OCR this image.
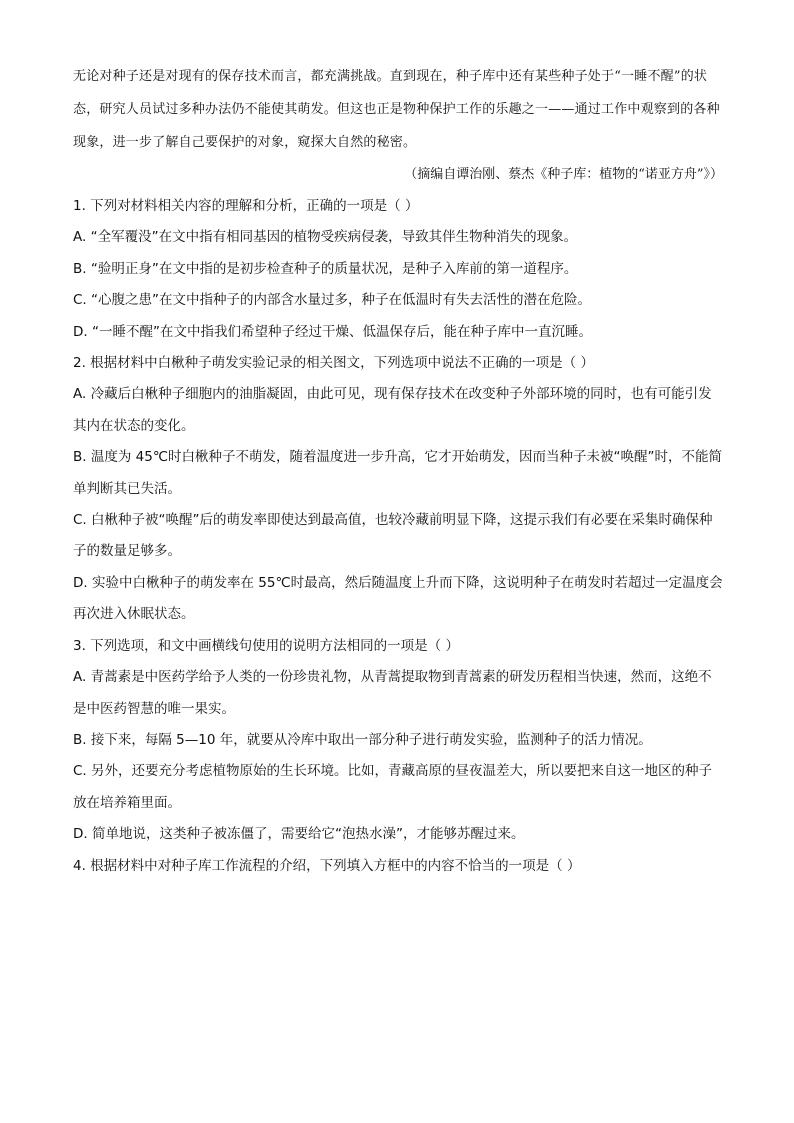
无论对种子还是对现有的保存技术而言，都充满挑战。直到现在，种子库中还有某些种子处于“一睡不醒”的状态，研究人员试过多种办法仍不能使其萌发。但这也正是物种保护工作的乐趣之一——通过工作中观察到的各种现象，进一步了解自己要保护的对象，窥探大自然的秘密。

（摘编自谭治刚、蔡杰《种子库：植物的“诺亚方舟”》）

1. 下列对材料相关内容的理解和分析，正确的一项是（ ）

A. “全军覆没”在文中指有相同基因的植物受疾病侵袭，导致其伴生物种消失的现象。

B. “验明正身”在文中指的是初步检查种子的质量状况，是种子入库前的第一道程序。

C. “心腹之患”在文中指种子的内部含水量过多，种子在低温时有失去活性的潜在危险。

D. “一睡不醒”在文中指我们希望种子经过干燥、低温保存后，能在种子库中一直沉睡。

2. 根据材料中白楸种子萌发实验记录的相关图文，下列选项中说法不正确的一项是（ ）

A. 冷藏后白楸种子细胞内的油脂凝固，由此可见，现有保存技术在改变种子外部环境的同时，也有可能引发其内在状态的变化。

B. 温度为 45℃时白楸种子不萌发，随着温度进一步升高，它才开始萌发，因而当种子未被“唤醒”时，不能简单判断其已失活。

C. 白楸种子被“唤醒”后的萌发率即使达到最高值，也较冷藏前明显下降，这提示我们有必要在采集时确保种子的数量足够多。

D. 实验中白楸种子的萌发率在 55℃时最高，然后随温度上升而下降，这说明种子在萌发时若超过一定温度会再次进入休眠状态。

3. 下列选项，和文中画横线句使用的说明方法相同的一项是（ ）

A. 青蒿素是中医药学给予人类的一份珍贵礼物，从青蒿提取物到青蒿素的研发历程相当快速，然而，这绝不是中医药智慧的唯一果实。

B. 接下来，每隔 5—10 年，就要从冷库中取出一部分种子进行萌发实验，监测种子的活力情况。

C. 另外，还要充分考虑植物原始的生长环境。比如，青藏高原的昼夜温差大，所以要把来自这一地区的种子放在培养箱里面。

D. 简单地说，这类种子被冻僵了，需要给它“泡热水澡”，才能够苏醒过来。

4. 根据材料中对种子库工作流程的介绍，下列填入方框中的内容不恰当的一项是（ ）
